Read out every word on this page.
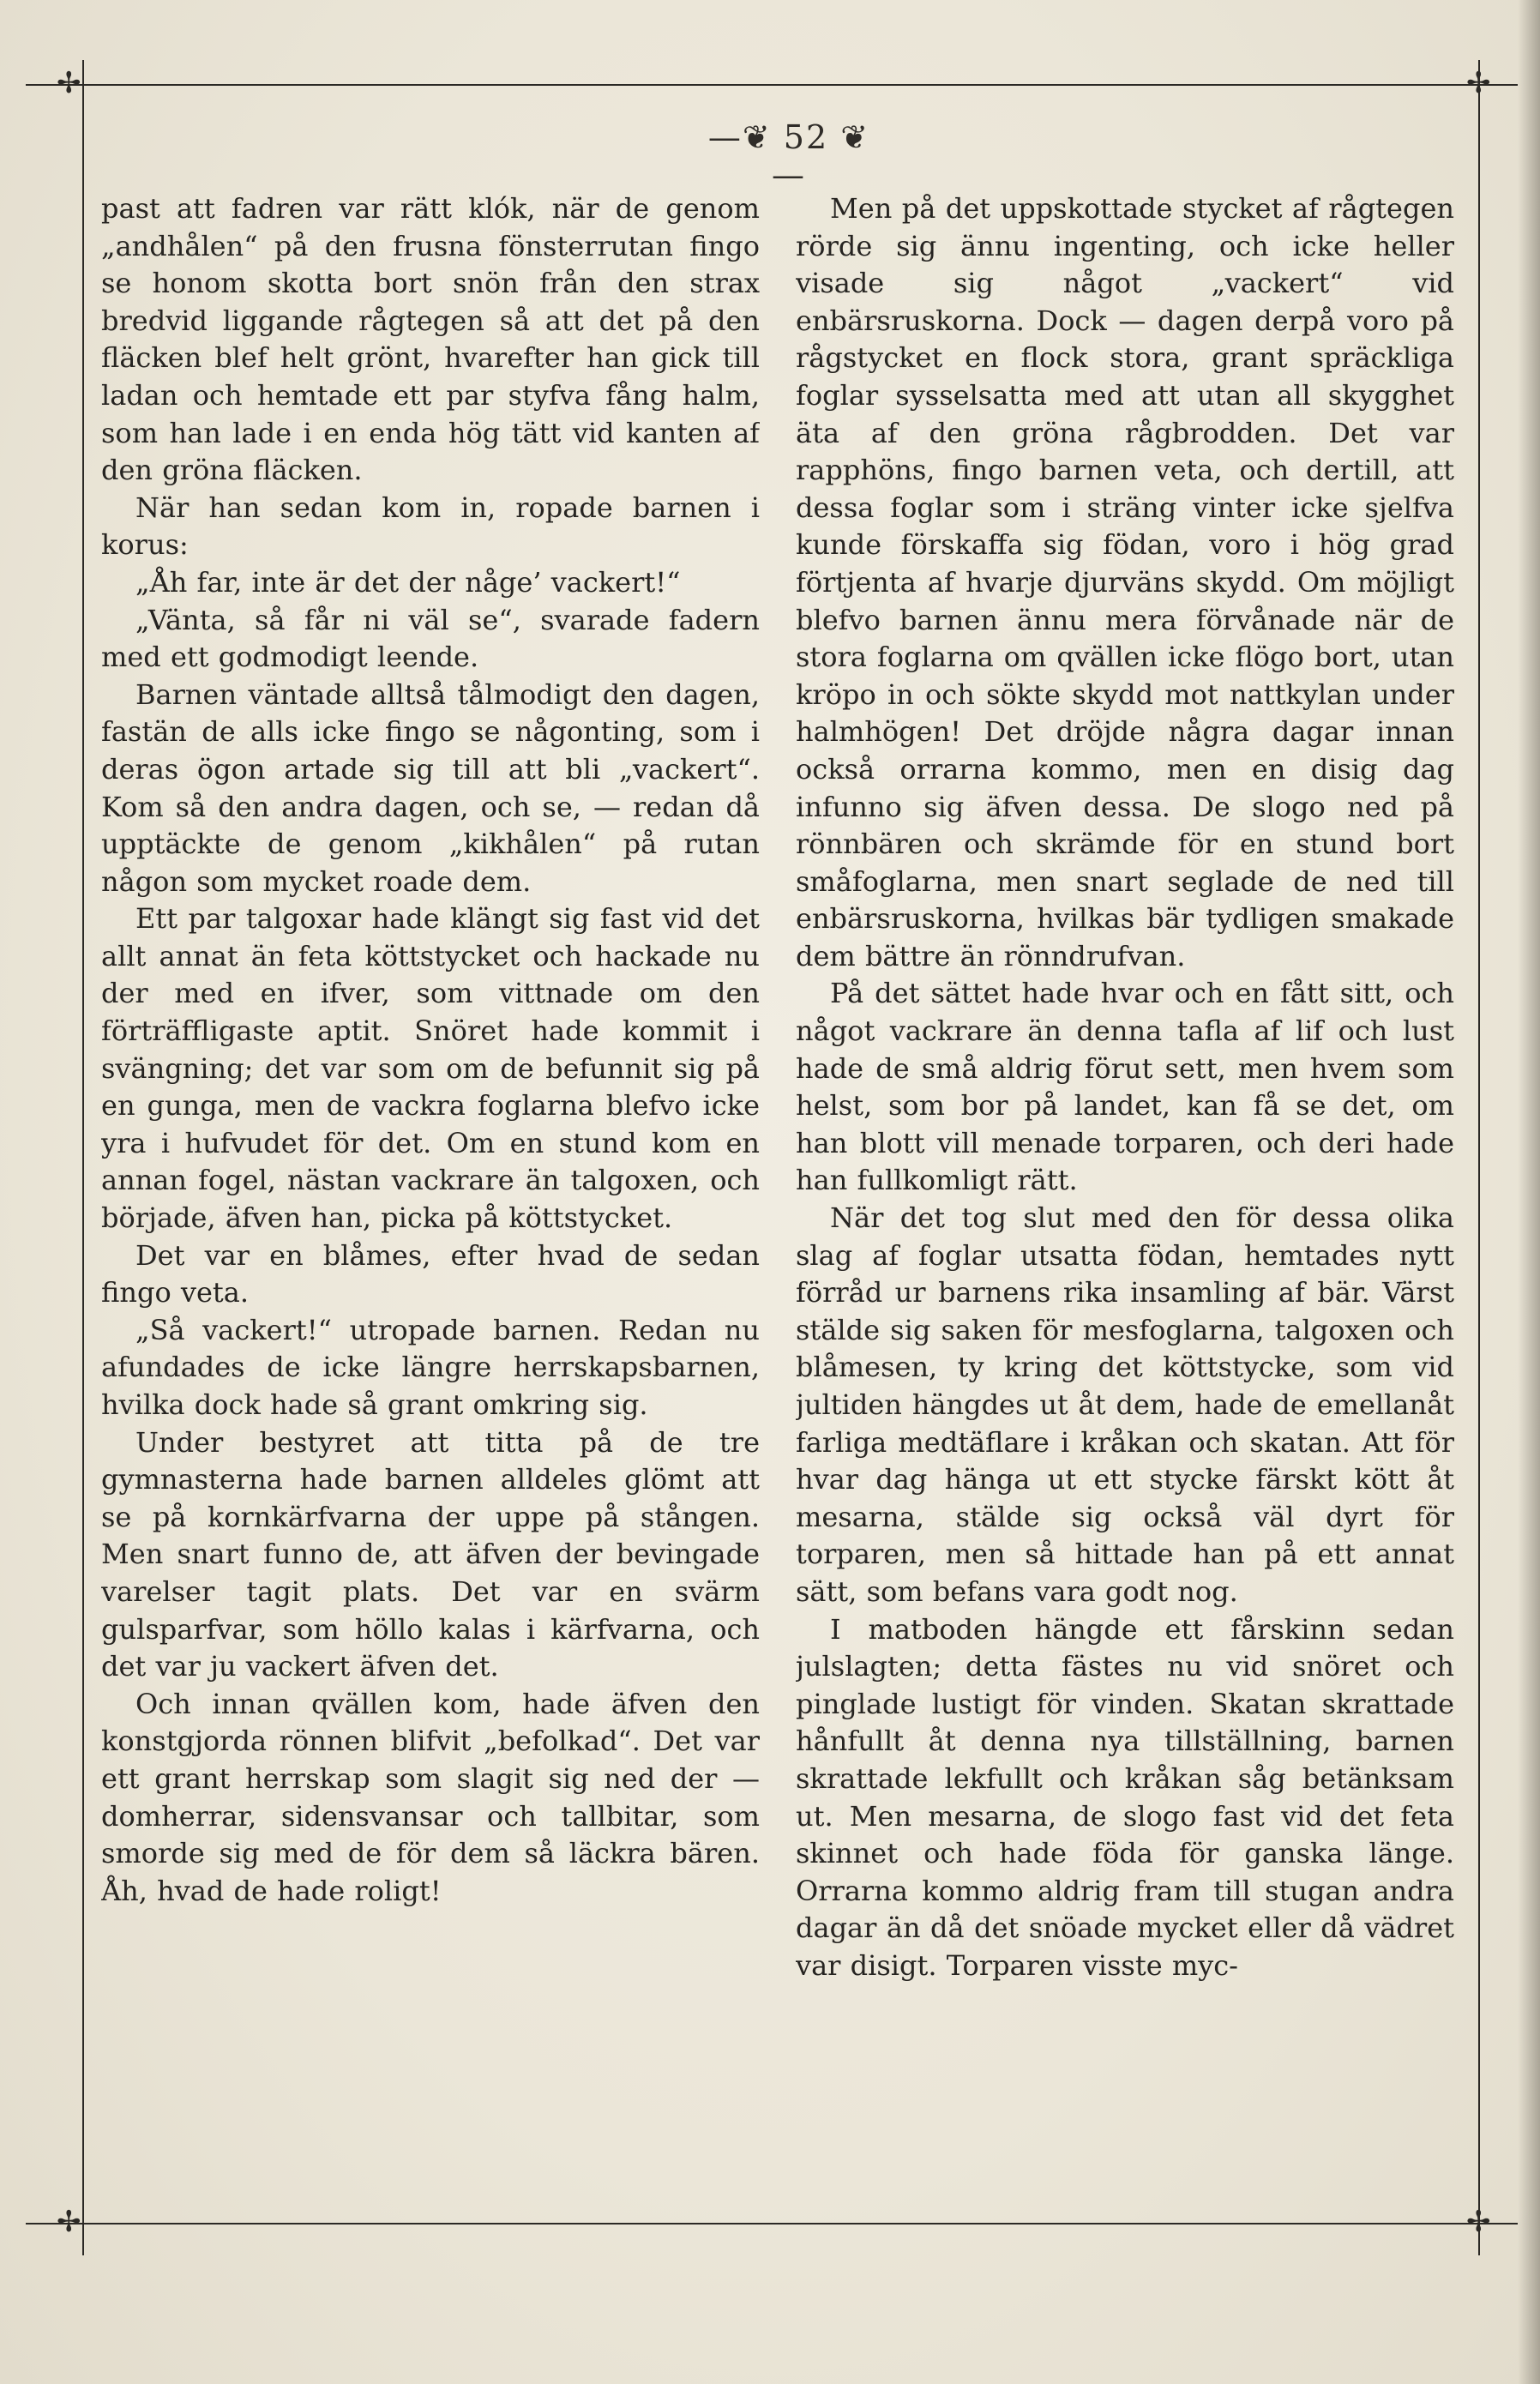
✢	✢
✢	✢
—❦ 52 ❦—

past att fadren var rätt klók, när de genom „andhålen“ på den frusna fönsterrutan fingo se honom skotta bort snön från den strax bredvid liggande rågtegen så att det på den fläcken blef helt grönt, hvarefter han gick till ladan och hemtade ett par styfva fång halm, som han lade i en enda hög tätt vid kanten af den gröna fläcken.

När han sedan kom in, ropade barnen i korus:

„Åh far, inte är det der någe’ vackert!“

„Vänta, så får ni väl se“, svarade fadern med ett godmodigt leende.

Barnen väntade alltså tålmodigt den dagen, fastän de alls icke fingo se någonting, som i deras ögon artade sig till att bli „vackert“. Kom så den andra dagen, och se, — redan då upptäckte de genom „kikhålen“ på rutan någon som mycket roade dem.

Ett par talgoxar hade klängt sig fast vid det allt annat än feta köttstycket och hackade nu der med en ifver, som vittnade om den förträffligaste aptit. Snöret hade kommit i svängning; det var som om de befunnit sig på en gunga, men de vackra foglarna blefvo icke yra i hufvudet för det. Om en stund kom en annan fogel, nästan vackrare än talgoxen, och började, äfven han, picka på köttstycket.

Det var en blåmes, efter hvad de sedan fingo veta.

„Så vackert!“ utropade barnen. Redan nu afundades de icke längre herrskapsbarnen, hvilka dock hade så grant omkring sig.

Under bestyret att titta på de tre gymnasterna hade barnen alldeles glömt att se på kornkärfvarna der uppe på stången. Men snart funno de, att äfven der bevingade varelser tagit plats. Det var en svärm gulsparfvar, som höllo kalas i kärfvarna, och det var ju vackert äfven det.

Och innan qvällen kom, hade äfven den konstgjorda rönnen blifvit „befolkad“. Det var ett grant herrskap som slagit sig ned der — domherrar, sidensvansar och tallbitar, som smorde sig med de för dem så läckra bären. Åh, hvad de hade roligt!

Men på det uppskottade stycket af rågtegen rörde sig ännu ingenting, och icke heller visade sig något „vackert“ vid enbärsruskorna. Dock — dagen derpå voro på rågstycket en flock stora, grant spräckliga foglar sysselsatta med att utan all skygghet äta af den gröna rågbrodden. Det var rapphöns, fingo barnen veta, och dertill, att dessa foglar som i sträng vinter icke sjelfva kunde förskaffa sig födan, voro i hög grad förtjenta af hvarje djurväns skydd. Om möjligt blefvo barnen ännu mera förvånade när de stora foglarna om qvällen icke flögo bort, utan kröpo in och sökte skydd mot nattkylan under halmhögen! Det dröjde några dagar innan också orrarna kommo, men en disig dag infunno sig äfven dessa. De slogo ned på rönnbären och skrämde för en stund bort småfoglarna, men snart seglade de ned till enbärsruskorna, hvilkas bär tydligen smakade dem bättre än rönndrufvan.

På det sättet hade hvar och en fått sitt, och något vackrare än denna tafla af lif och lust hade de små aldrig förut sett, men hvem som helst, som bor på landet, kan få se det, om han blott vill menade torparen, och deri hade han fullkomligt rätt.

När det tog slut med den för dessa olika slag af foglar utsatta födan, hemtades nytt förråd ur barnens rika insamling af bär. Värst stälde sig saken för mesfoglarna, talgoxen och blåmesen, ty kring det köttstycke, som vid jultiden hängdes ut åt dem, hade de emellanåt farliga medtäflare i kråkan och skatan. Att för hvar dag hänga ut ett stycke färskt kött åt mesarna, stälde sig också väl dyrt för torparen, men så hittade han på ett annat sätt, som befans vara godt nog.

I matboden hängde ett fårskinn sedan julslagten; detta fästes nu vid snöret och pinglade lustigt för vinden. Skatan skrattade hånfullt åt denna nya tillställning, barnen skrattade lekfullt och kråkan såg betänksam ut. Men mesarna, de slogo fast vid det feta skinnet och hade föda för ganska länge. Orrarna kommo aldrig fram till stugan andra dagar än då det snöade mycket eller då vädret var disigt. Torparen visste myc-
